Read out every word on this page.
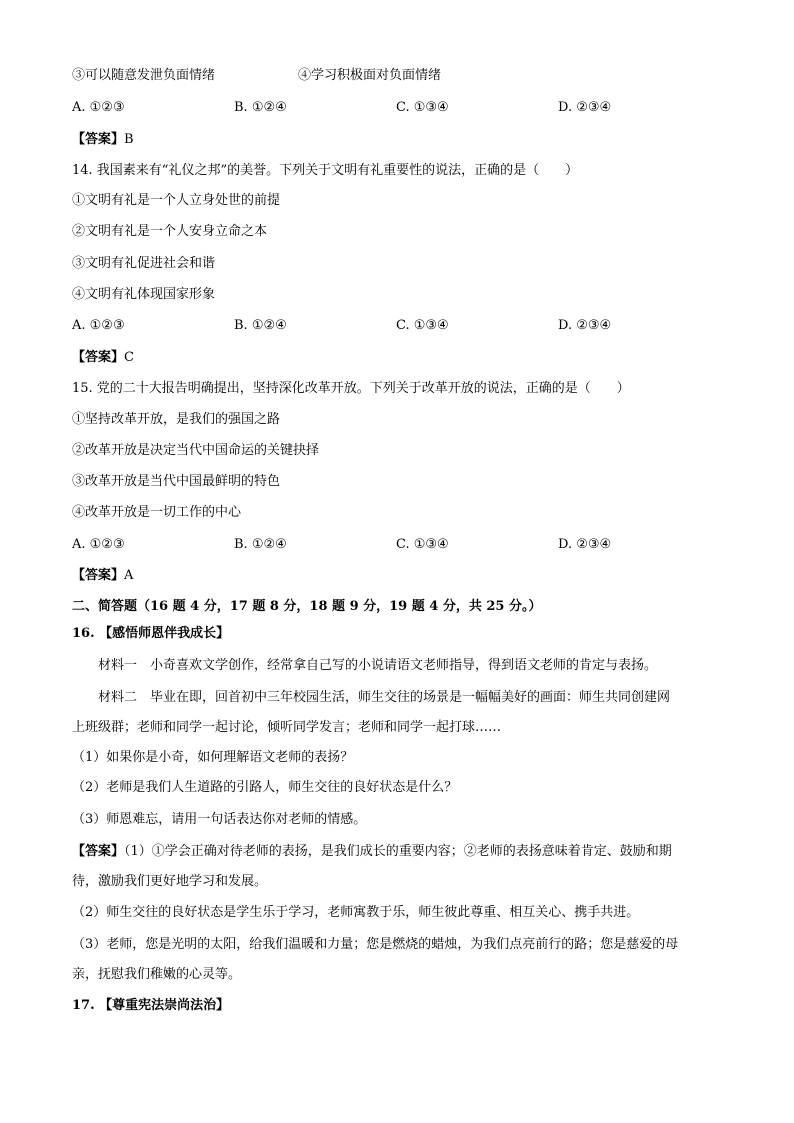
③可以随意发泄负面情绪	④学习积极面对负面情绪
A. ①②③	B. ①②④	C. ①③④	D. ②③④
【答案】B
14. 我国素来有“礼仪之邦”的美誉。下列关于文明有礼重要性的说法，正确的是（　　）
①文明有礼是一个人立身处世的前提
②文明有礼是一个人安身立命之本
③文明有礼促进社会和谐
④文明有礼体现国家形象
A. ①②③	B. ①②④	C. ①③④	D. ②③④
【答案】C
15. 党的二十大报告明确提出，坚持深化改革开放。下列关于改革开放的说法，正确的是（　　）
①坚持改革开放，是我们的强国之路
②改革开放是决定当代中国命运的关键抉择
③改革开放是当代中国最鲜明的特色
④改革开放是一切工作的中心
A. ①②③	B. ①②④	C. ①③④	D. ②③④
【答案】A
二、简答题（16 题 4 分，17 题 8 分，18 题 9 分，19 题 4 分，共 25 分。）
16. 【感悟师恩伴我成长】
材料一　小奇喜欢文学创作，经常拿自己写的小说请语文老师指导，得到语文老师的肯定与表扬。
材料二　毕业在即，回首初中三年校园生活，师生交往的场景是一幅幅美好的画面：师生共同创建网
上班级群；老师和同学一起讨论，倾听同学发言；老师和同学一起打球……
（1）如果你是小奇，如何理解语文老师的表扬？
（2）老师是我们人生道路的引路人，师生交往的良好状态是什么？
（3）师恩难忘，请用一句话表达你对老师的情感。
【答案】（1）①学会正确对待老师的表扬，是我们成长的重要内容；②老师的表扬意味着肯定、鼓励和期
待，激励我们更好地学习和发展。
（2）师生交往的良好状态是学生乐于学习，老师寓教于乐，师生彼此尊重、相互关心、携手共进。
（3）老师，您是光明的太阳，给我们温暖和力量；您是燃烧的蜡烛，为我们点亮前行的路；您是慈爱的母
亲，抚慰我们稚嫩的心灵等。
17. 【尊重宪法崇尚法治】
